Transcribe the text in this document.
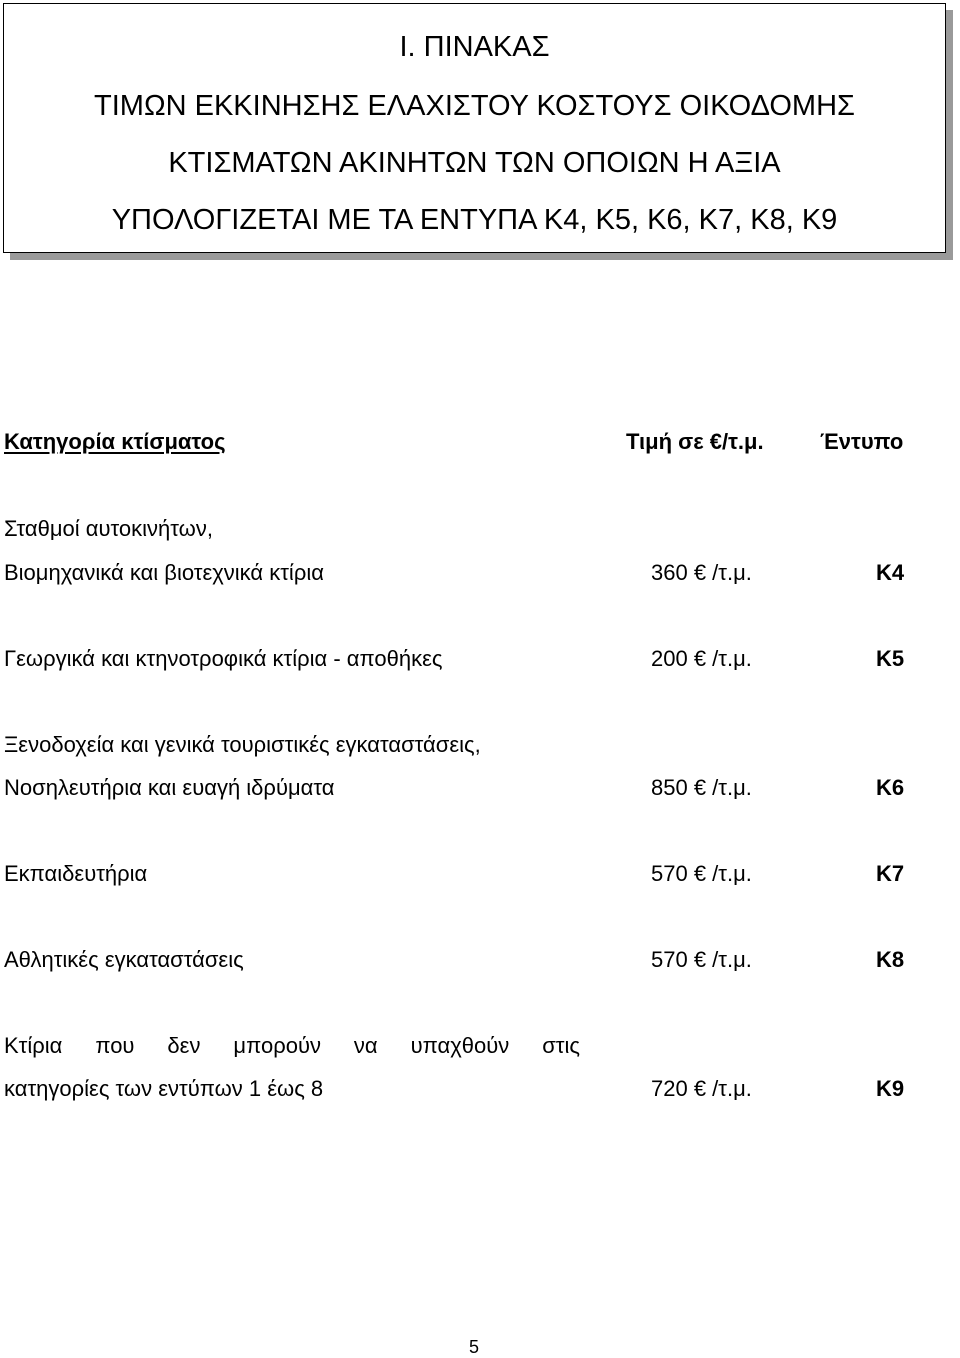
Ι. ΠΙΝΑΚΑΣ
ΤΙΜΩΝ ΕΚΚΙΝΗΣΗΣ ΕΛΑΧΙΣΤΟΥ ΚΟΣΤΟΥΣ ΟΙΚΟΔΟΜΗΣ
ΚΤΙΣΜΑΤΩΝ ΑΚΙΝΗΤΩΝ ΤΩΝ ΟΠΟΙΩΝ Η ΑΞΙΑ
ΥΠΟΛΟΓΙΖΕΤΑΙ ΜΕ ΤΑ ΕΝΤΥΠΑ Κ4, Κ5, Κ6, Κ7, Κ8, Κ9
Κατηγορία κτίσματος	Τιμή σε €/τ.μ.	Έντυπο
Σταθμοί αυτοκινήτων,
Βιομηχανικά και βιοτεχνικά κτίρια	360 € /τ.μ.	Κ4
Γεωργικά και κτηνοτροφικά κτίρια - αποθήκες	200 € /τ.μ.	Κ5
Ξενοδοχεία και γενικά τουριστικές εγκαταστάσεις,
Νοσηλευτήρια και ευαγή ιδρύματα	850 € /τ.μ.	Κ6
Εκπαιδευτήρια	570 € /τ.μ.	Κ7
Αθλητικές εγκαταστάσεις	570 € /τ.μ.	Κ8
Κτίρια που δεν μπορούν να υπαχθούν στις
κατηγορίες των εντύπων 1 έως 8	720 € /τ.μ.	Κ9
5
